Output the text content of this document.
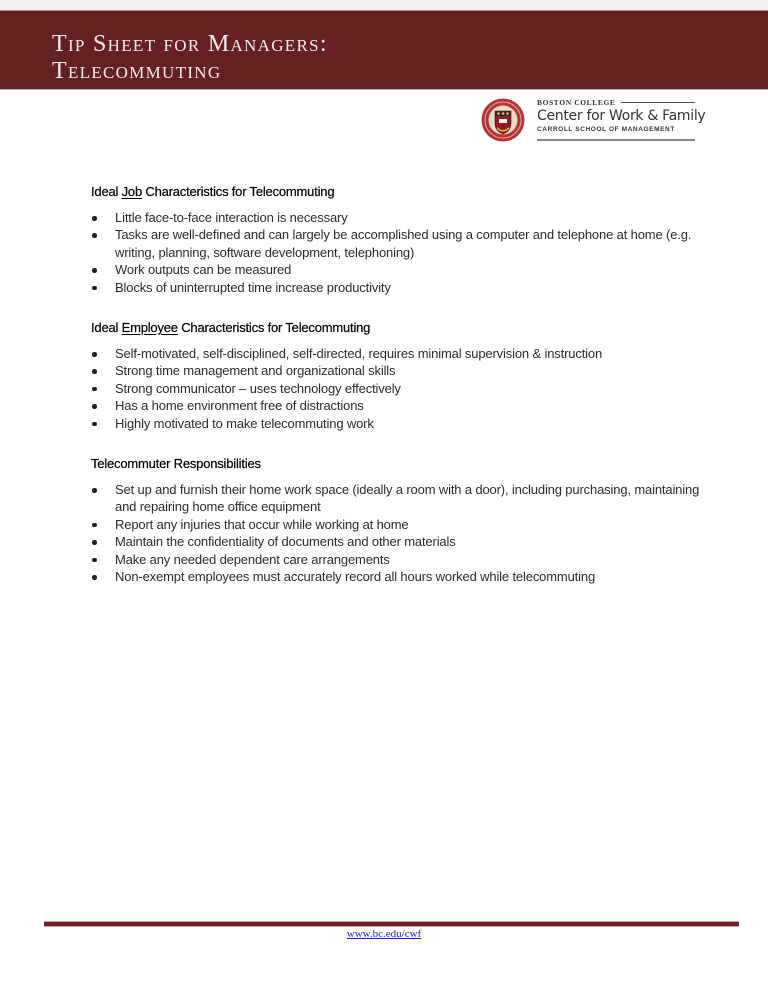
Tip Sheet for Managers:
Telecommuting
BOSTON COLLEGE
Center for Work & Family
CARROLL SCHOOL OF MANAGEMENT
Ideal Job Characteristics for Telecommuting
Little face-to-face interaction is necessary
Tasks are well-defined and can largely be accomplished using a computer and telephone at home (e.g. writing, planning, software development, telephoning)
Work outputs can be measured
Blocks of uninterrupted time increase productivity
Ideal Employee Characteristics for Telecommuting
Self-motivated, self-disciplined, self-directed, requires minimal supervision & instruction
Strong time management and organizational skills
Strong communicator – uses technology effectively
Has a home environment free of distractions
Highly motivated to make telecommuting work
Telecommuter Responsibilities
Set up and furnish their home work space (ideally a room with a door), including purchasing, maintaining and repairing home office equipment
Report any injuries that occur while working at home
Maintain the confidentiality of documents and other materials
Make any needed dependent care arrangements
Non-exempt employees must accurately record all hours worked while telecommuting
www.bc.edu/cwf
